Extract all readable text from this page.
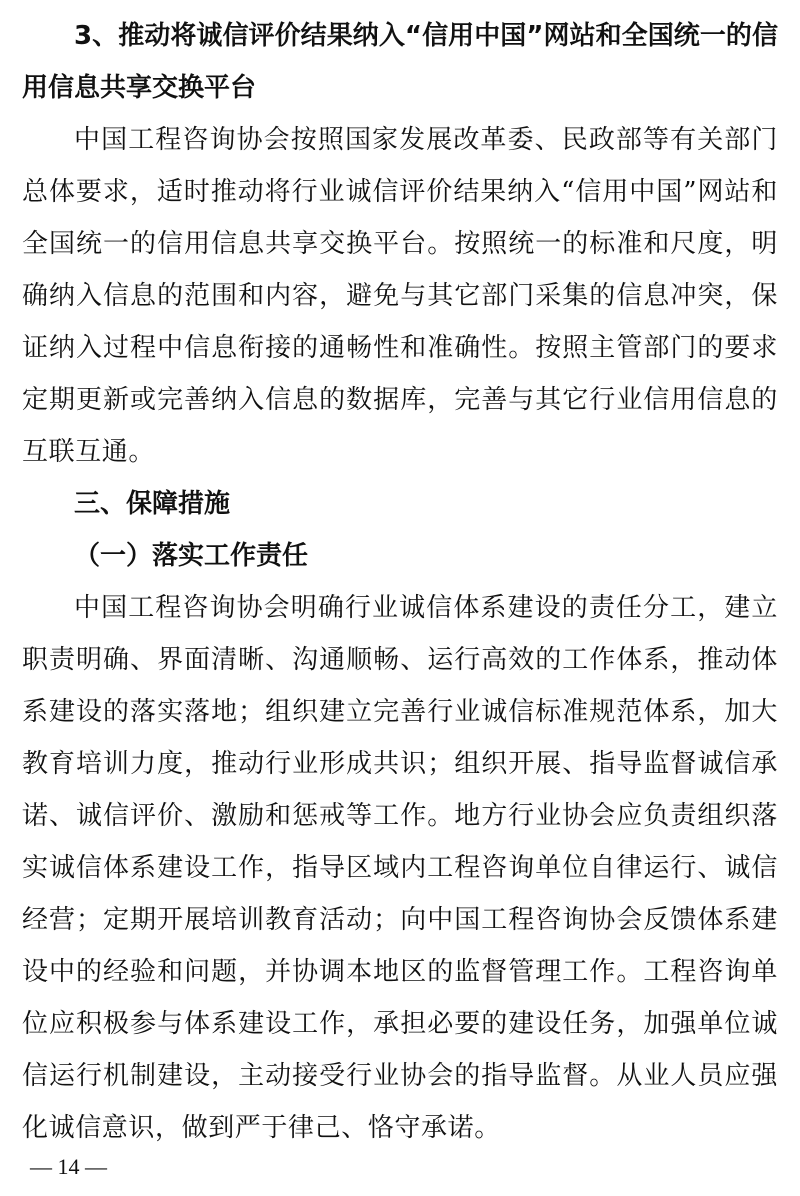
3、推动将诚信评价结果纳入“信用中国”网站和全国统一的信用信息共享交换平台

中国工程咨询协会按照国家发展改革委、民政部等有关部门总体要求，适时推动将行业诚信评价结果纳入“信用中国”网站和全国统一的信用信息共享交换平台。按照统一的标准和尺度，明确纳入信息的范围和内容，避免与其它部门采集的信息冲突，保证纳入过程中信息衔接的通畅性和准确性。按照主管部门的要求定期更新或完善纳入信息的数据库，完善与其它行业信用信息的互联互通。

三、保障措施

（一）落实工作责任

中国工程咨询协会明确行业诚信体系建设的责任分工，建立职责明确、界面清晰、沟通顺畅、运行高效的工作体系，推动体系建设的落实落地；组织建立完善行业诚信标准规范体系，加大教育培训力度，推动行业形成共识；组织开展、指导监督诚信承诺、诚信评价、激励和惩戒等工作。地方行业协会应负责组织落实诚信体系建设工作，指导区域内工程咨询单位自律运行、诚信经营；定期开展培训教育活动；向中国工程咨询协会反馈体系建设中的经验和问题，并协调本地区的监督管理工作。工程咨询单位应积极参与体系建设工作，承担必要的建设任务，加强单位诚信运行机制建设，主动接受行业协会的指导监督。从业人员应强化诚信意识，做到严于律己、恪守承诺。

— 14 —
